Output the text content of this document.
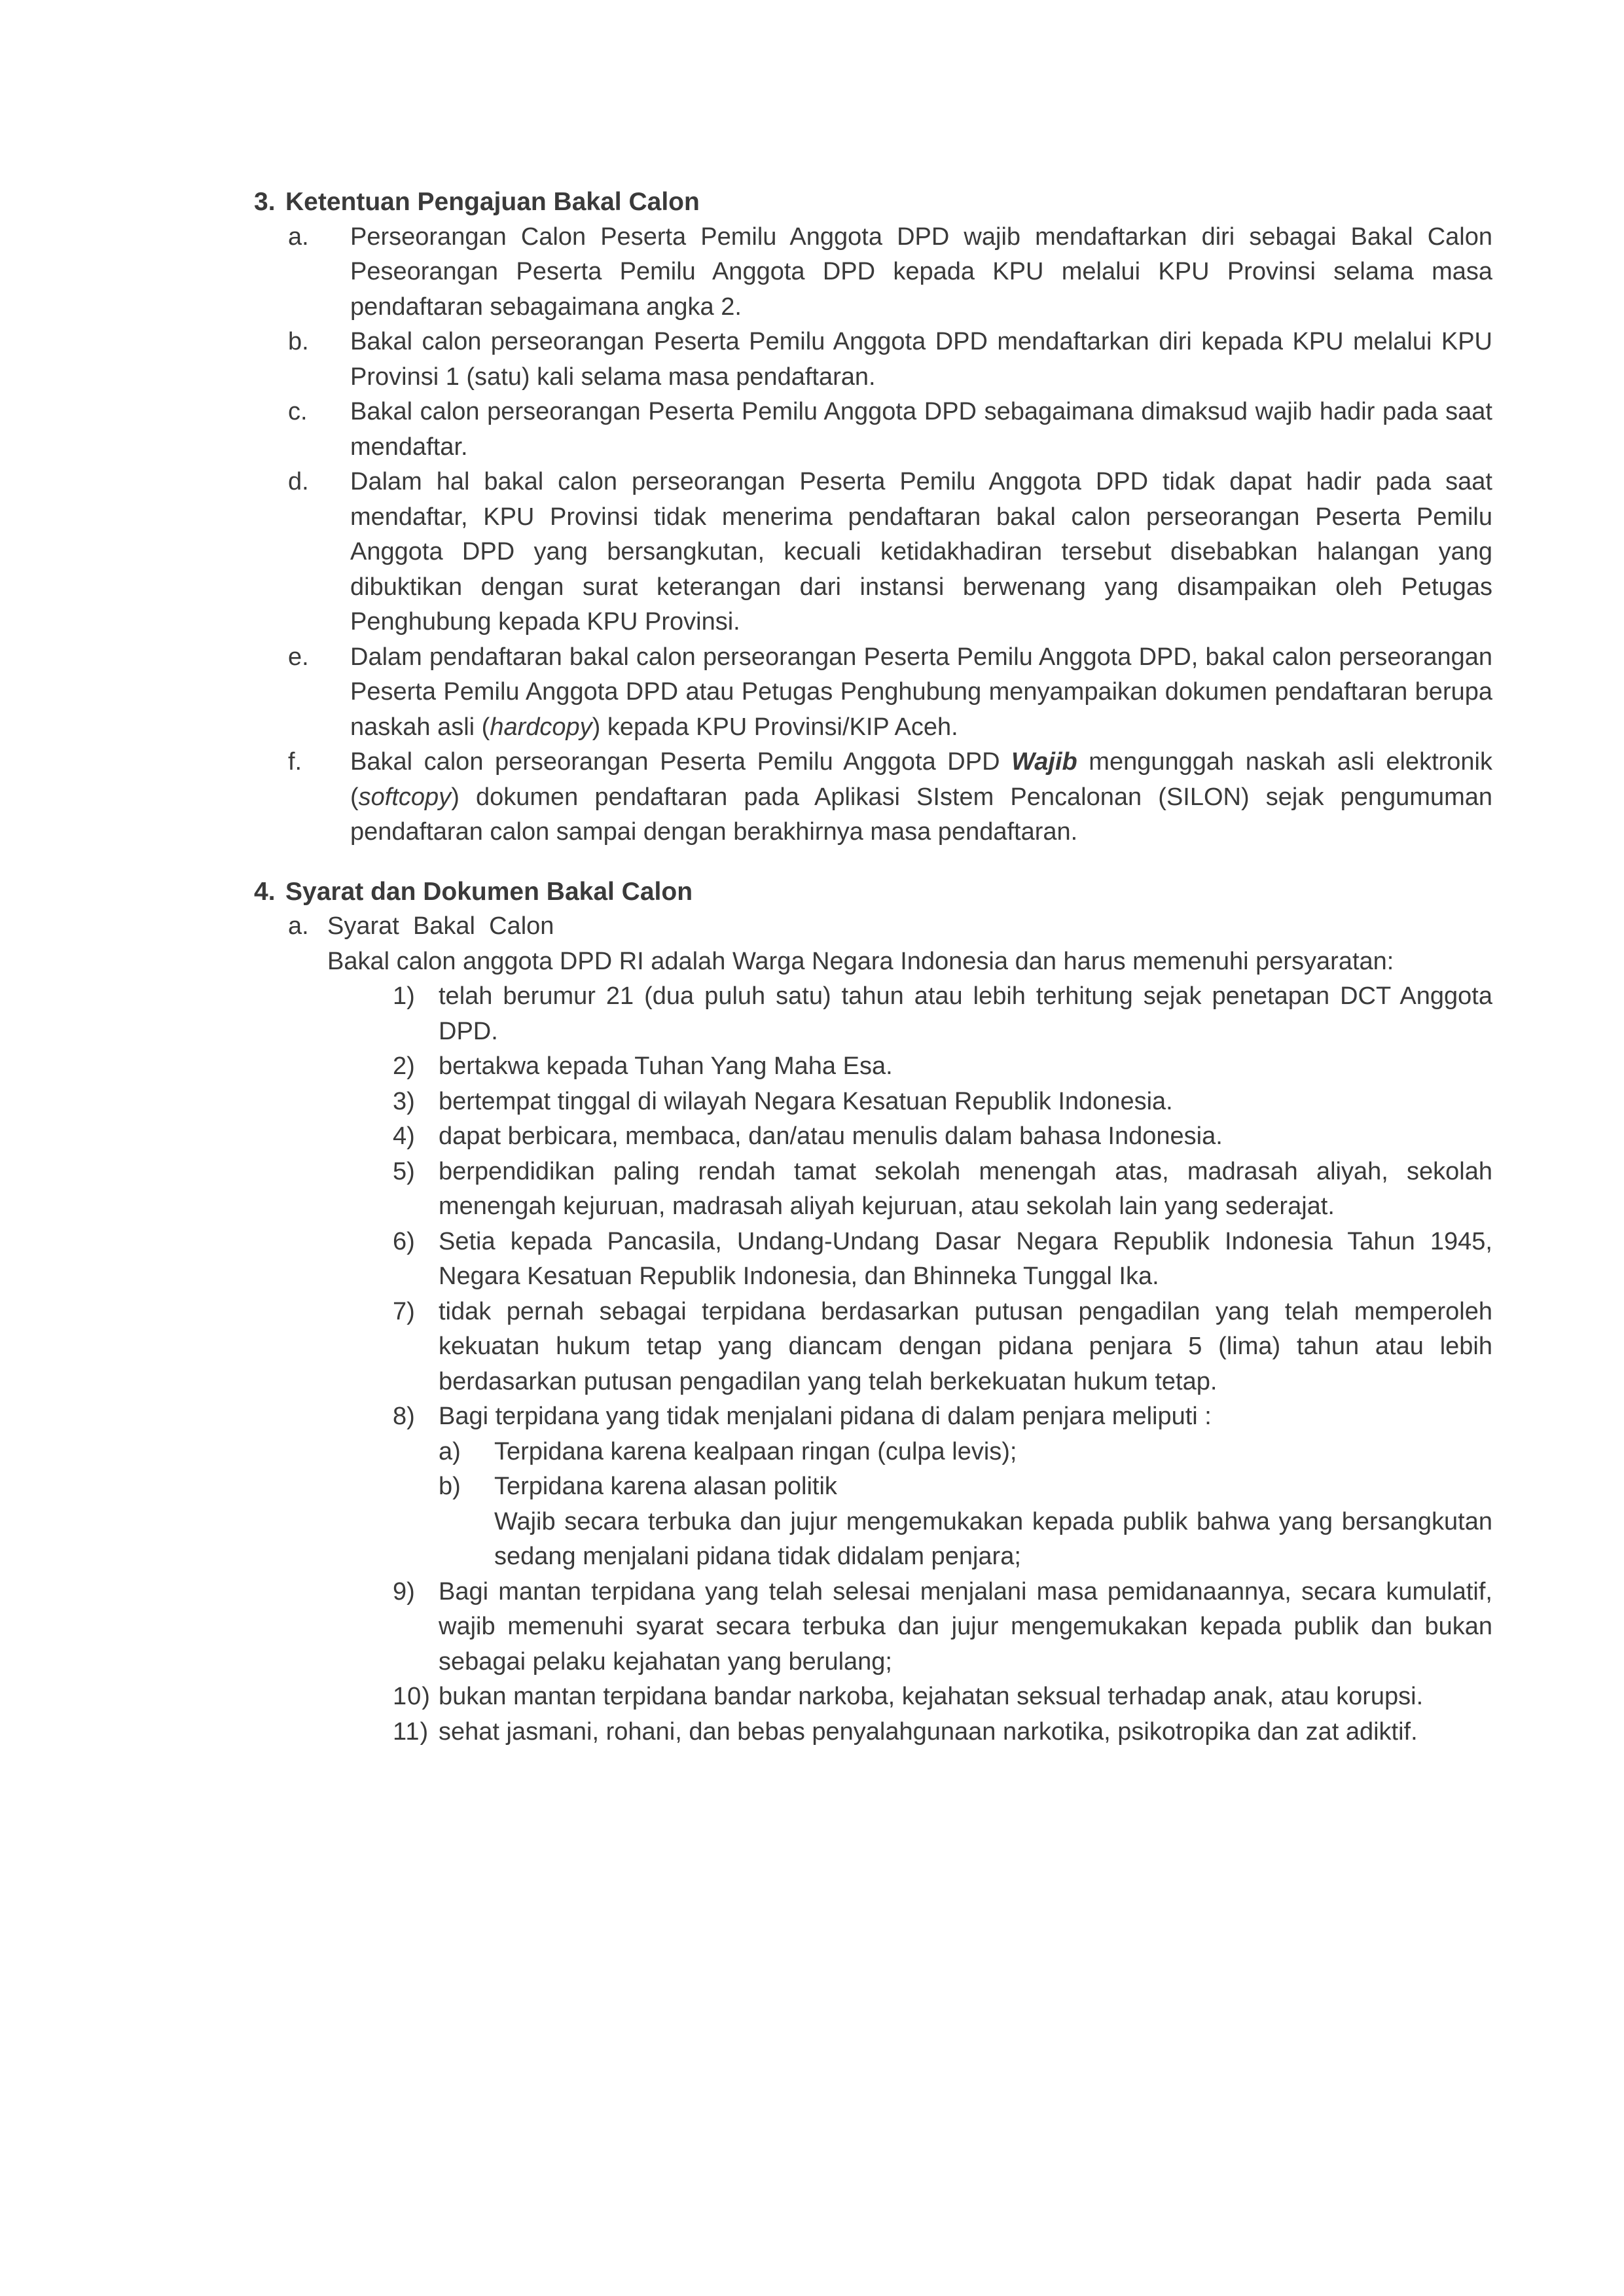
3. Ketentuan Pengajuan Bakal Calon
a.	Perseorangan Calon Peserta Pemilu Anggota DPD wajib mendaftarkan diri sebagai Bakal Calon Peseorangan Peserta Pemilu Anggota DPD kepada KPU melalui KPU Provinsi selama masa pendaftaran sebagaimana angka 2.
b.	Bakal calon perseorangan Peserta Pemilu Anggota DPD mendaftarkan diri kepada KPU melalui KPU Provinsi 1 (satu) kali selama masa pendaftaran.
c.	Bakal calon perseorangan Peserta Pemilu Anggota DPD sebagaimana dimaksud wajib hadir pada saat mendaftar.
d.	Dalam hal bakal calon perseorangan Peserta Pemilu Anggota DPD tidak dapat hadir pada saat mendaftar, KPU Provinsi tidak menerima pendaftaran bakal calon perseorangan Peserta Pemilu Anggota DPD yang bersangkutan, kecuali ketidakhadiran tersebut disebabkan halangan yang dibuktikan dengan surat keterangan dari instansi berwenang yang disampaikan oleh Petugas Penghubung kepada KPU Provinsi.
e.	Dalam pendaftaran bakal calon perseorangan Peserta Pemilu Anggota DPD, bakal calon perseorangan Peserta Pemilu Anggota DPD atau Petugas Penghubung menyampaikan dokumen pendaftaran berupa naskah asli (hardcopy) kepada KPU Provinsi/KIP Aceh.
f.	Bakal calon perseorangan Peserta Pemilu Anggota DPD Wajib mengunggah naskah asli elektronik (softcopy) dokumen pendaftaran pada Aplikasi SIstem Pencalonan (SILON) sejak pengumuman pendaftaran calon sampai dengan berakhirnya masa pendaftaran.
4. Syarat dan Dokumen Bakal Calon
a. Syarat  Bakal  Calon
Bakal calon anggota DPD RI adalah Warga Negara Indonesia dan harus memenuhi persyaratan:
1) telah berumur 21 (dua puluh satu) tahun atau lebih terhitung sejak penetapan DCT Anggota DPD.
2) bertakwa kepada Tuhan Yang Maha Esa.
3) bertempat tinggal di wilayah Negara Kesatuan Republik Indonesia.
4) dapat berbicara, membaca, dan/atau menulis dalam bahasa Indonesia.
5) berpendidikan paling rendah tamat sekolah menengah atas, madrasah aliyah, sekolah menengah kejuruan, madrasah aliyah kejuruan, atau sekolah lain yang sederajat.
6) Setia kepada Pancasila, Undang-Undang Dasar Negara Republik Indonesia Tahun 1945, Negara Kesatuan Republik Indonesia, dan Bhinneka Tunggal Ika.
7) tidak pernah sebagai terpidana berdasarkan putusan pengadilan yang telah memperoleh kekuatan hukum tetap yang diancam dengan pidana penjara 5 (lima) tahun atau lebih berdasarkan putusan pengadilan yang telah berkekuatan hukum tetap.
8) Bagi terpidana yang tidak menjalani pidana di dalam penjara meliputi :
a)	Terpidana karena kealpaan ringan (culpa levis);
b)	Terpidana karena alasan politik
Wajib secara terbuka dan jujur mengemukakan kepada publik bahwa yang bersangkutan sedang menjalani pidana tidak didalam penjara;
9) Bagi mantan terpidana yang telah selesai menjalani masa pemidanaannya, secara kumulatif, wajib memenuhi syarat secara terbuka dan jujur mengemukakan kepada publik dan bukan sebagai pelaku kejahatan yang berulang;
10) bukan mantan terpidana bandar narkoba, kejahatan seksual terhadap anak, atau korupsi.
11) sehat jasmani, rohani, dan bebas penyalahgunaan narkotika, psikotropika dan zat adiktif.
